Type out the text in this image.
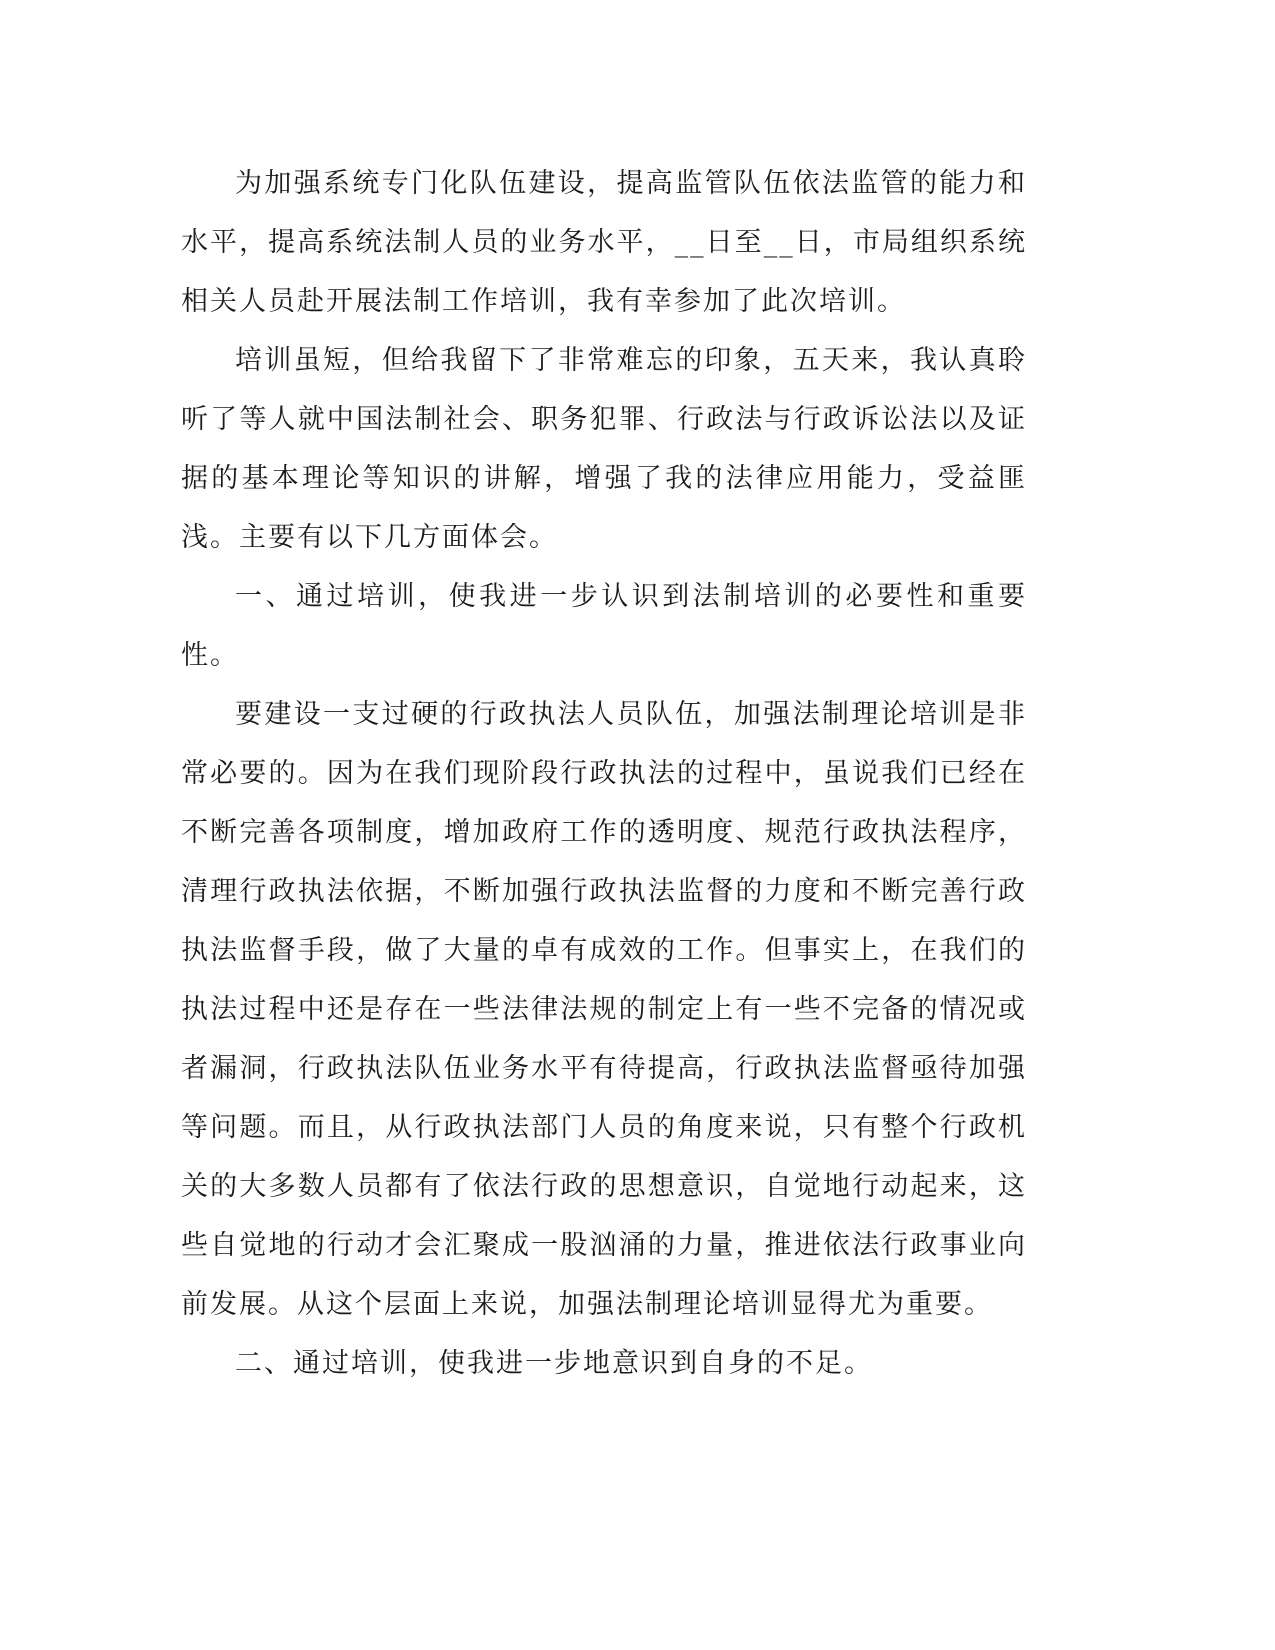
为加强系统专门化队伍建设，提高监管队伍依法监管的能力和水平，提高系统法制人员的业务水平，__日至__日，市局组织系统相关人员赴开展法制工作培训，我有幸参加了此次培训。

培训虽短，但给我留下了非常难忘的印象，五天来，我认真聆听了等人就中国法制社会、职务犯罪、行政法与行政诉讼法以及证据的基本理论等知识的讲解，增强了我的法律应用能力，受益匪浅。主要有以下几方面体会。

一、通过培训，使我进一步认识到法制培训的必要性和重要性。

要建设一支过硬的行政执法人员队伍，加强法制理论培训是非常必要的。因为在我们现阶段行政执法的过程中，虽说我们已经在不断完善各项制度，增加政府工作的透明度、规范行政执法程序，清理行政执法依据，不断加强行政执法监督的力度和不断完善行政执法监督手段，做了大量的卓有成效的工作。但事实上，在我们的执法过程中还是存在一些法律法规的制定上有一些不完备的情况或者漏洞，行政执法队伍业务水平有待提高，行政执法监督亟待加强等问题。而且，从行政执法部门人员的角度来说，只有整个行政机关的大多数人员都有了依法行政的思想意识，自觉地行动起来，这些自觉地的行动才会汇聚成一股汹涌的力量，推进依法行政事业向前发展。从这个层面上来说，加强法制理论培训显得尤为重要。

二、通过培训，使我进一步地意识到自身的不足。
